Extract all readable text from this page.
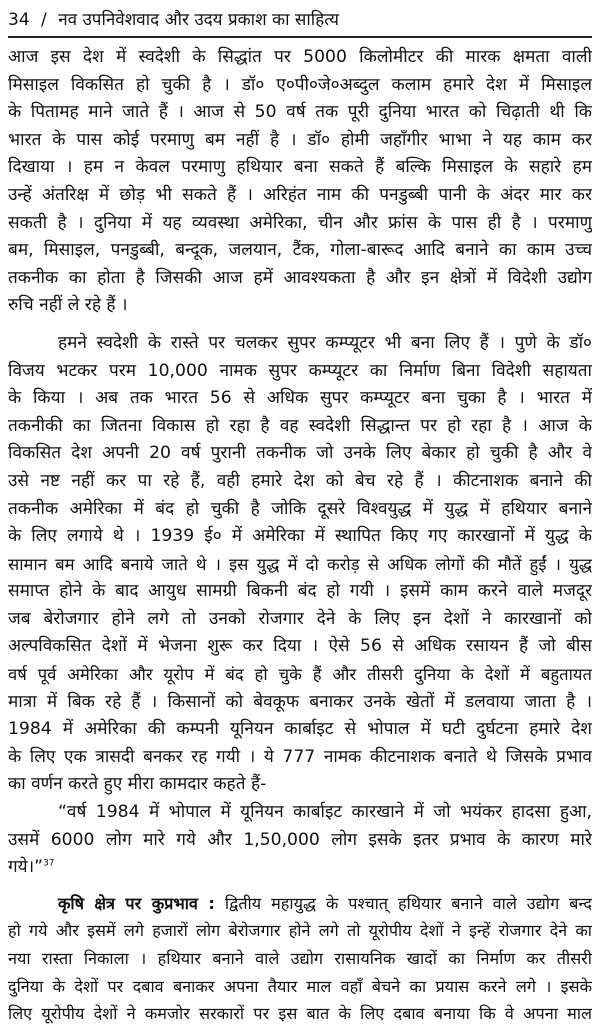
34 / नव उपनिवेशवाद और उदय प्रकाश का साहित्य
आज इस देश में स्वदेशी के सिद्धांत पर 5000 किलोमीटर की मारक क्षमता वाली
मिसाइल विकसित हो चुकी है । डॉ० ए०पी०जे०अब्दुल कलाम हमारे देश में मिसाइल
के पितामह माने जाते हैं । आज से 50 वर्ष तक पूरी दुनिया भारत को चिढ़ाती थी कि
भारत के पास कोई परमाणु बम नहीं है । डॉ० होमी जहाँगीर भाभा ने यह काम कर
दिखाया । हम न केवल परमाणु हथियार बना सकते हैं बल्कि मिसाइल के सहारे हम
उन्हें अंतरिक्ष में छोड़ भी सकते हैं । अरिहंत नाम की पनडुब्बी पानी के अंदर मार कर
सकती है । दुनिया में यह व्यवस्था अमेरिका, चीन और फ्रांस के पास ही है । परमाणु
बम, मिसाइल, पनडुब्बी, बन्दूक, जलयान, टैंक, गोला-बारूद आदि बनाने का काम उच्च
तकनीक का होता है जिसकी आज हमें आवश्यकता है और इन क्षेत्रों में विदेशी उद्योग
रुचि नहीं ले रहे हैं ।
हमने स्वदेशी के रास्ते पर चलकर सुपर कम्प्यूटर भी बना लिए हैं । पुणे के डॉ०
विजय भटकर परम 10,000 नामक सुपर कम्प्यूटर का निर्माण बिना विदेशी सहायता
के किया । अब तक भारत 56 से अधिक सुपर कम्प्यूटर बना चुका है । भारत में
तकनीकी का जितना विकास हो रहा है वह स्वदेशी सिद्धान्त पर हो रहा है । आज के
विकसित देश अपनी 20 वर्ष पुरानी तकनीक जो उनके लिए बेकार हो चुकी है और वे
उसे नष्ट नहीं कर पा रहे हैं, वही हमारे देश को बेच रहे हैं । कीटनाशक बनाने की
तकनीक अमेरिका में बंद हो चुकी है जोकि दूसरे विश्वयुद्ध में युद्ध में हथियार बनाने
के लिए लगाये थे । 1939 ई० में अमेरिका में स्थापित किए गए कारखानों में युद्ध के
सामान बम आदि बनाये जाते थे । इस युद्ध में दो करोड़ से अधिक लोगों की मौतें हुईं । युद्ध
समाप्त होने के बाद आयुध सामग्री बिकनी बंद हो गयी । इसमें काम करने वाले मजदूर
जब बेरोजगार होने लगे तो उनको रोजगार देने के लिए इन देशों ने कारखानों को
अल्पविकसित देशों में भेजना शुरू कर दिया । ऐसे 56 से अधिक रसायन हैं जो बीस
वर्ष पूर्व अमेरिका और यूरोप में बंद हो चुके हैं और तीसरी दुनिया के देशों में बहुतायत
मात्रा में बिक रहे हैं । किसानों को बेवकूफ बनाकर उनके खेतों में डलवाया जाता है ।
1984 में अमेरिका की कम्पनी यूनियन कार्बाइट से भोपाल में घटी दुर्घटना हमारे देश
के लिए एक त्रासदी बनकर रह गयी । ये 777 नामक कीटनाशक बनाते थे जिसके प्रभाव
का वर्णन करते हुए मीरा कामदार कहते हैं-
“वर्ष 1984 में भोपाल में यूनियन कार्बाइट कारखाने में जो भयंकर हादसा हुआ,
उसमें 6000 लोग मारे गये और 1,50,000 लोग इसके इतर प्रभाव के कारण मारे
गये।”$^{37}$
कृषि क्षेत्र पर कुप्रभाव : द्वितीय महायुद्ध के पश्चात् हथियार बनाने वाले उद्योग बन्द
हो गये और इसमें लगे हजारों लोग बेरोजगार होने लगे तो यूरोपीय देशों ने इन्हें रोजगार देने का
नया रास्ता निकाला । हथियार बनाने वाले उद्योग रासायनिक खादों का निर्माण कर तीसरी
दुनिया के देशों पर दबाव बनाकर अपना तैयार माल वहाँ बेचने का प्रयास करने लगे । इसके
लिए यूरोपीय देशों ने कमजोर सरकारों पर इस बात के लिए दबाव बनाया कि वे अपना माल
